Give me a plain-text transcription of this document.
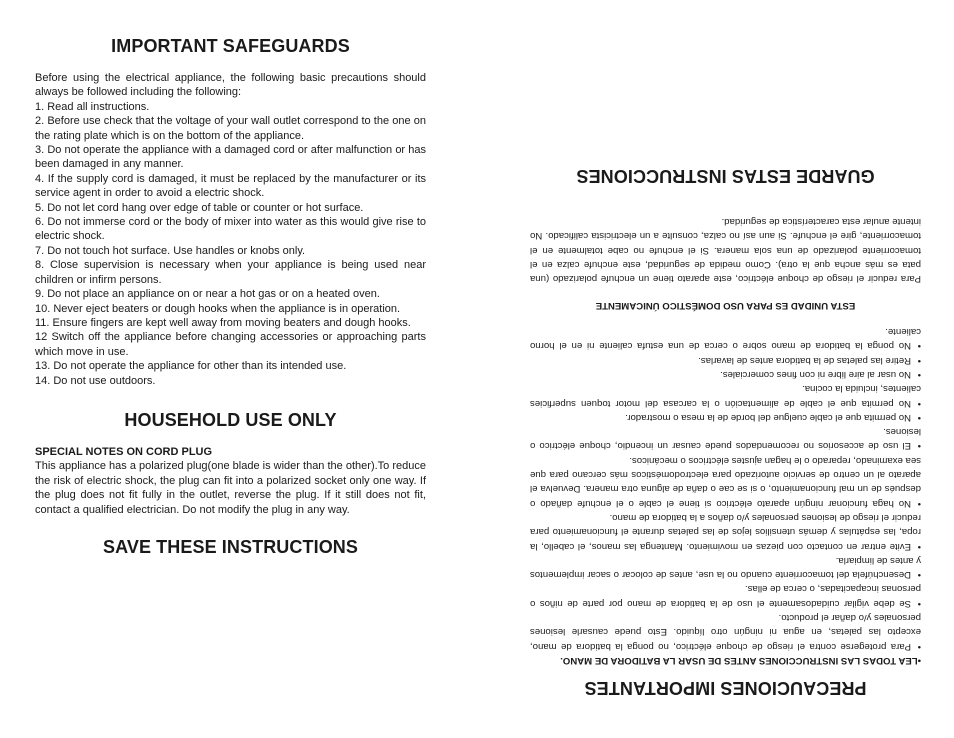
IMPORTANT SAFEGUARDS

Before using the electrical appliance, the following basic precautions should always be followed including the following:

1. Read all instructions.

2. Before use check that the voltage of your wall outlet correspond to the one on the rating plate which is on the bottom of the appliance.

3. Do not operate the appliance with a damaged cord or after malfunction or has been damaged in any manner.

4. If the supply cord is damaged, it must be replaced by the manufacturer or its service agent in order to avoid a electric shock.

5. Do not let cord hang over edge of table or counter or hot surface.

6. Do not immerse cord or the body of mixer into water as this would give rise to electric shock.

7. Do not touch hot surface. Use handles or knobs only.

8. Close supervision is necessary when your appliance is being used near children or infirm persons.

9. Do not place an appliance on or near a hot gas or on a heated oven.

10. Never eject beaters or dough hooks when the appliance is in operation.

11. Ensure fingers are kept well away from moving beaters and dough hooks.

12 Switch off the appliance before changing accessories or approaching parts which move in use.

13. Do not operate the appliance for other than its intended use.

14. Do not use outdoors.

HOUSEHOLD USE ONLY

SPECIAL NOTES ON CORD PLUG

This appliance has a polarized plug(one blade is wider than the other).To reduce the risk of electric shock, the plug can fit into a polarized socket only one way. If the plug does not fit fully in the outlet, reverse the plug. If it still does not fit, contact a qualified electrician. Do not modify the plug in any way.

SAVE THESE INSTRUCTIONS
PRECAUCIONES IMPORTANTES

•LEA TODAS LAS INSTRUCCIONES ANTES DE USAR LA BATIDORA DE MANO.

•Para protegerse contra el riesgo de choque eléctrico, no ponga la batidora de mano, excepto las paletas, en agua ni ningún otro líquido. Esto puede causarle lesiones personales y/o dañar el producto.
•Se debe vigilar cuidadosamente el uso de la batidora de mano por parte de niños o personas incapacitadas, o cerca de ellas.
•Desenchúfela del tomacorriente cuando no la use, antes de colocar o sacar implementos y antes de limpiarla.
•Evite entrar en contacto con piezas en movimiento. Mantenga las manos, el cabello, la ropa, las espátulas y demás utensilios lejos de las paletas durante el funcionamiento para reducir el riesgo de lesiones personales y/o daños a la batidora de mano.
•No haga funcionar ningún aparato eléctrico si tiene el cable o el enchufe dañado o después de un mal funcionamiento, o si se cae o daña de alguna otra manera. Devuelva el aparato al un centro de servicio autorizado para electrodomésticos más cercano para que sea examinado, reparado o le hagan ajustes eléctricos o mecánicos.
•El uso de accesorios no recomendados puede causar un incendio, choque eléctrico o lesiones.
•No permita que el cable cuelgue del borde de la mesa o mostrador.
•No permita que el cable de alimentación o la carcasa del motor toquen superficies calientes, incluida la cocina.
•No usar al aire libre ni con fines comerciales.
•Retire las paletas de la batidora antes de lavarlas.
•No ponga la batidora de mano sobre o cerca de una estufa caliente ni en el horno caliente.

ESTA UNIDAD ES PARA USO DOMÉSTICO ÚNICAMENTE

Para reducir el riesgo de choque eléctrico, este aparato tiene un enchufe polarizado (una pata es más ancha que la otra). Como medida de seguridad, este enchufe calza en el tomacorriente polarizado de una sola manera. Si el enchufe no cabe totalmente en el tomacorriente, gire el enchufe. Si aun así no calza, consulte a un electricista calificado. No intente anular esta característica de seguridad.

GUARDE ESTAS INSTRUCCIONES
